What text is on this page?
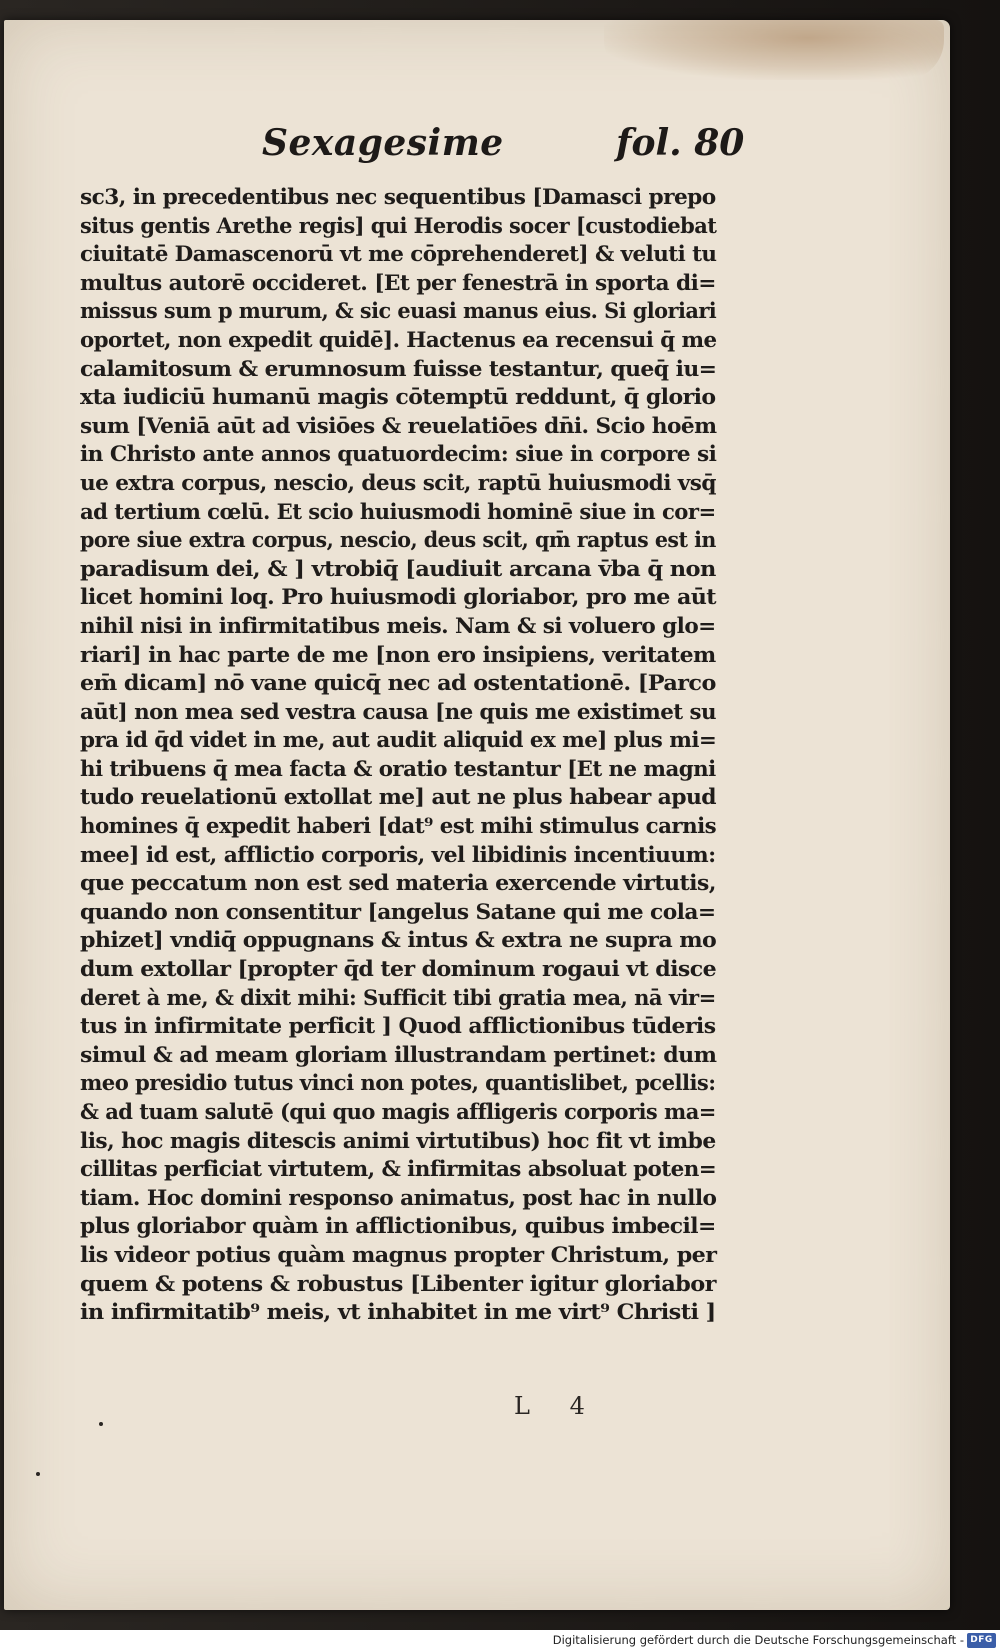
Sexagesime	fol. 80
sc3, in precedentibus nec sequentibus [Damasci prepo
situs gentis Arethe regis] qui Herodis socer [custodiebat
ciuitatē Damascenorū vt me cōprehenderet] & veluti tu
multus autorē occideret. [Et per fenestrā in sporta di=
missus sum p murum, & sic euasi manus eius. Si gloriari
oportet, non expedit quidē]. Hactenus ea recensui q̄ me
calamitosum & erumnosum fuisse testantur, queq̄ iu=
xta iudiciū humanū magis cōtemptū reddunt, q̄ glorio
sum [Veniā aūt ad visiōes & reuelatiōes dn̄i. Scio hoēm
in Christo ante annos quatuordecim: siue in corpore si
ue extra corpus, nescio, deus scit, raptū huiusmodi vsq̄
ad tertium cœlū. Et scio huiusmodi hominē siue in cor=
pore siue extra corpus, nescio, deus scit, qm̄ raptus est in
paradisum dei, & ] vtrobiq̄ [audiuit arcana v̄ba q̄ non
licet homini loq. Pro huiusmodi gloriabor, pro me aūt
nihil nisi in infirmitatibus meis. Nam & si voluero glo=
riari] in hac parte de me [non ero insipiens, veritatem
em̄ dicam] nō vane quicq̄ nec ad ostentationē. [Parco
aūt] non mea sed vestra causa [ne quis me existimet su
pra id q̄d videt in me, aut audit aliquid ex me] plus mi=
hi tribuens q̄ mea facta & oratio testantur [Et ne magni
tudo reuelationū extollat me] aut ne plus habear apud
homines q̄ expedit haberi [dat⁹ est mihi stimulus carnis
mee] id est, afflictio corporis, vel libidinis incentiuum:
que peccatum non est sed materia exercende virtutis,
quando non consentitur [angelus Satane qui me cola=
phizet] vndiq̄ oppugnans & intus & extra ne supra mo
dum extollar [propter q̄d ter dominum rogaui vt disce
deret à me, & dixit mihi: Sufficit tibi gratia mea, nā vir=
tus in infirmitate perficit ] Quod afflictionibus tūderis
simul & ad meam gloriam illustrandam pertinet: dum
meo presidio tutus vinci non potes, quantislibet, pcellis:
& ad tuam salutē (qui quo magis affligeris corporis ma=
lis, hoc magis ditescis animi virtutibus) hoc fit vt imbe
cillitas perficiat virtutem, & infirmitas absoluat poten=
tiam. Hoc domini responso animatus, post hac in nullo
plus gloriabor quàm in afflictionibus, quibus imbecil=
lis videor potius quàm magnus propter Christum, per
quem & potens & robustus [Libenter igitur gloriabor
in infirmitatib⁹ meis, vt inhabitet in me virt⁹ Christi ]
L 4
Digitalisierung gefördert durch die Deutsche Forschungsgemeinschaft - DFG
